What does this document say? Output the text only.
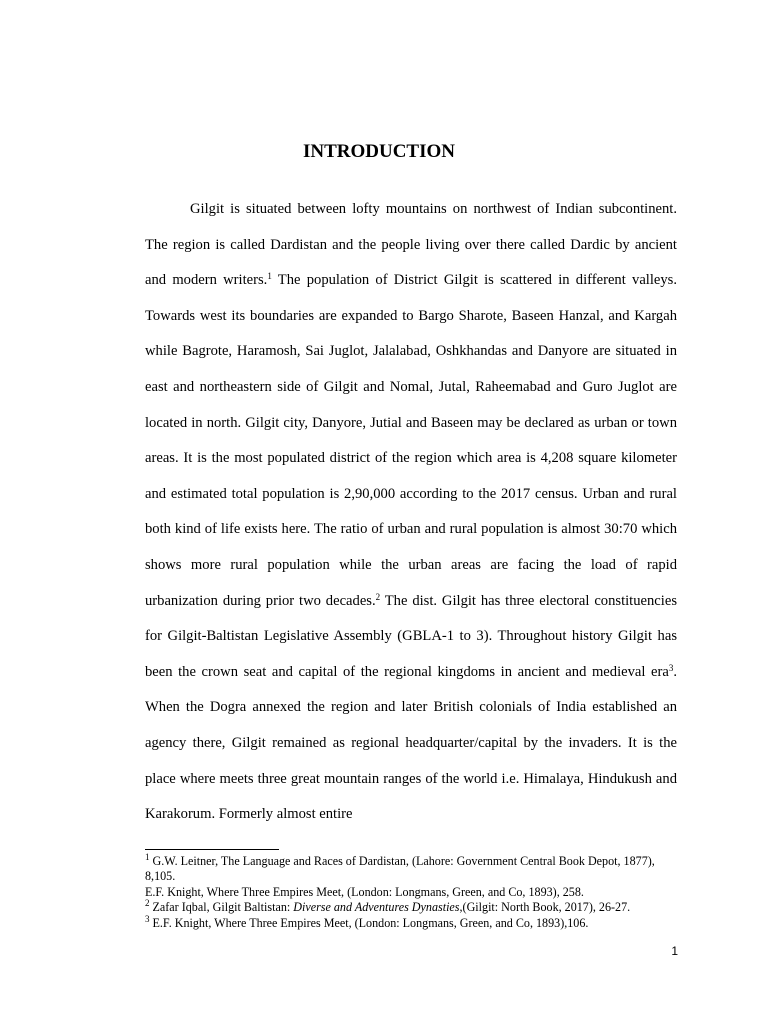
INTRODUCTION

Gilgit is situated between lofty mountains on northwest of Indian subcontinent. The region is called Dardistan and the people living over there called Dardic by ancient and modern writers.$^1$ The population of District Gilgit is scattered in different valleys. Towards west its boundaries are expanded to Bargo Sharote, Baseen Hanzal, and Kargah while Bagrote, Haramosh, Sai Juglot, Jalalabad, Oshkhandas and Danyore are situated in east and northeastern side of Gilgit and Nomal, Jutal, Raheemabad and Guro Juglot are located in north. Gilgit city, Danyore, Jutial and Baseen may be declared as urban or town areas. It is the most populated district of the region which area is 4,208 square kilometer and estimated total population is 2,90,000 according to the 2017 census. Urban and rural both kind of life exists here. The ratio of urban and rural population is almost 30:70 which shows more rural population while the urban areas are facing the load of rapid urbanization during prior two decades.$^2$ The dist. Gilgit has three electoral constituencies for Gilgit-Baltistan Legislative Assembly (GBLA-1 to 3). Throughout history Gilgit has been the crown seat and capital of the regional kingdoms in ancient and medieval era$^3$. When the Dogra annexed the region and later British colonials of India established an agency there, Gilgit remained as regional headquarter/capital by the invaders. It is the place where meets three great mountain ranges of the world i.e. Himalaya, Hindukush and Karakorum. Formerly almost entire

$^1$ G.W. Leitner, The Language and Races of Dardistan, (Lahore: Government Central Book Depot, 1877), 8,105.

E.F. Knight, Where Three Empires Meet, (London: Longmans, Green, and Co, 1893), 258.

$^2$ Zafar Iqbal, Gilgit Baltistan: Diverse and Adventures Dynasties,(Gilgit: North Book, 2017), 26-27.

$^3$ E.F. Knight, Where Three Empires Meet, (London: Longmans, Green, and Co, 1893),106.

1
